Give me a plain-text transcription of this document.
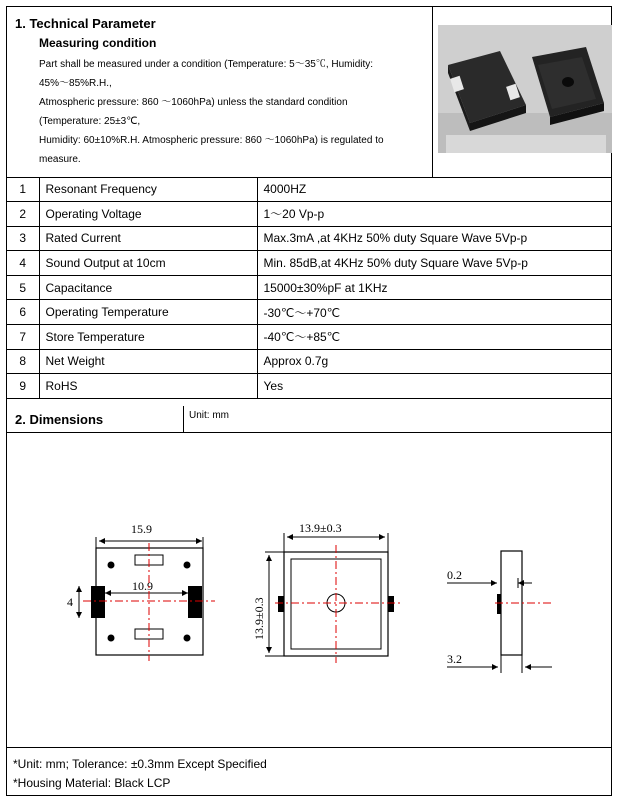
1. Technical Parameter
Measuring condition
Part shall be measured under a condition (Temperature: 5～35℃, Humidity:
45%～85%R.H.,
Atmospheric pressure: 860 ～1060hPa) unless the standard condition
(Temperature: 25±3℃,
Humidity: 60±10%R.H. Atmospheric pressure: 860 ～1060hPa) is regulated to
measure.
1	Resonant Frequency	4000HZ
2	Operating Voltage	1～20 Vp-p
3	Rated Current	Max.3mA ,at 4KHz 50% duty Square Wave 5Vp-p
4	Sound Output at 10cm	Min. 85dB,at 4KHz 50% duty Square Wave 5Vp-p
5	Capacitance	15000±30%pF at 1KHz
6	Operating Temperature	-30℃～+70℃
7	Store Temperature	-40℃～+85℃
8	Net Weight	Approx 0.7g
9	RoHS	Yes
2. Dimensions	Unit: mm
15.9
10.9
4
13.9±0.3
13.9±0.3
0.2
3.2
*Unit: mm; Tolerance: ±0.3mm Except Specified
*Housing Material: Black LCP
